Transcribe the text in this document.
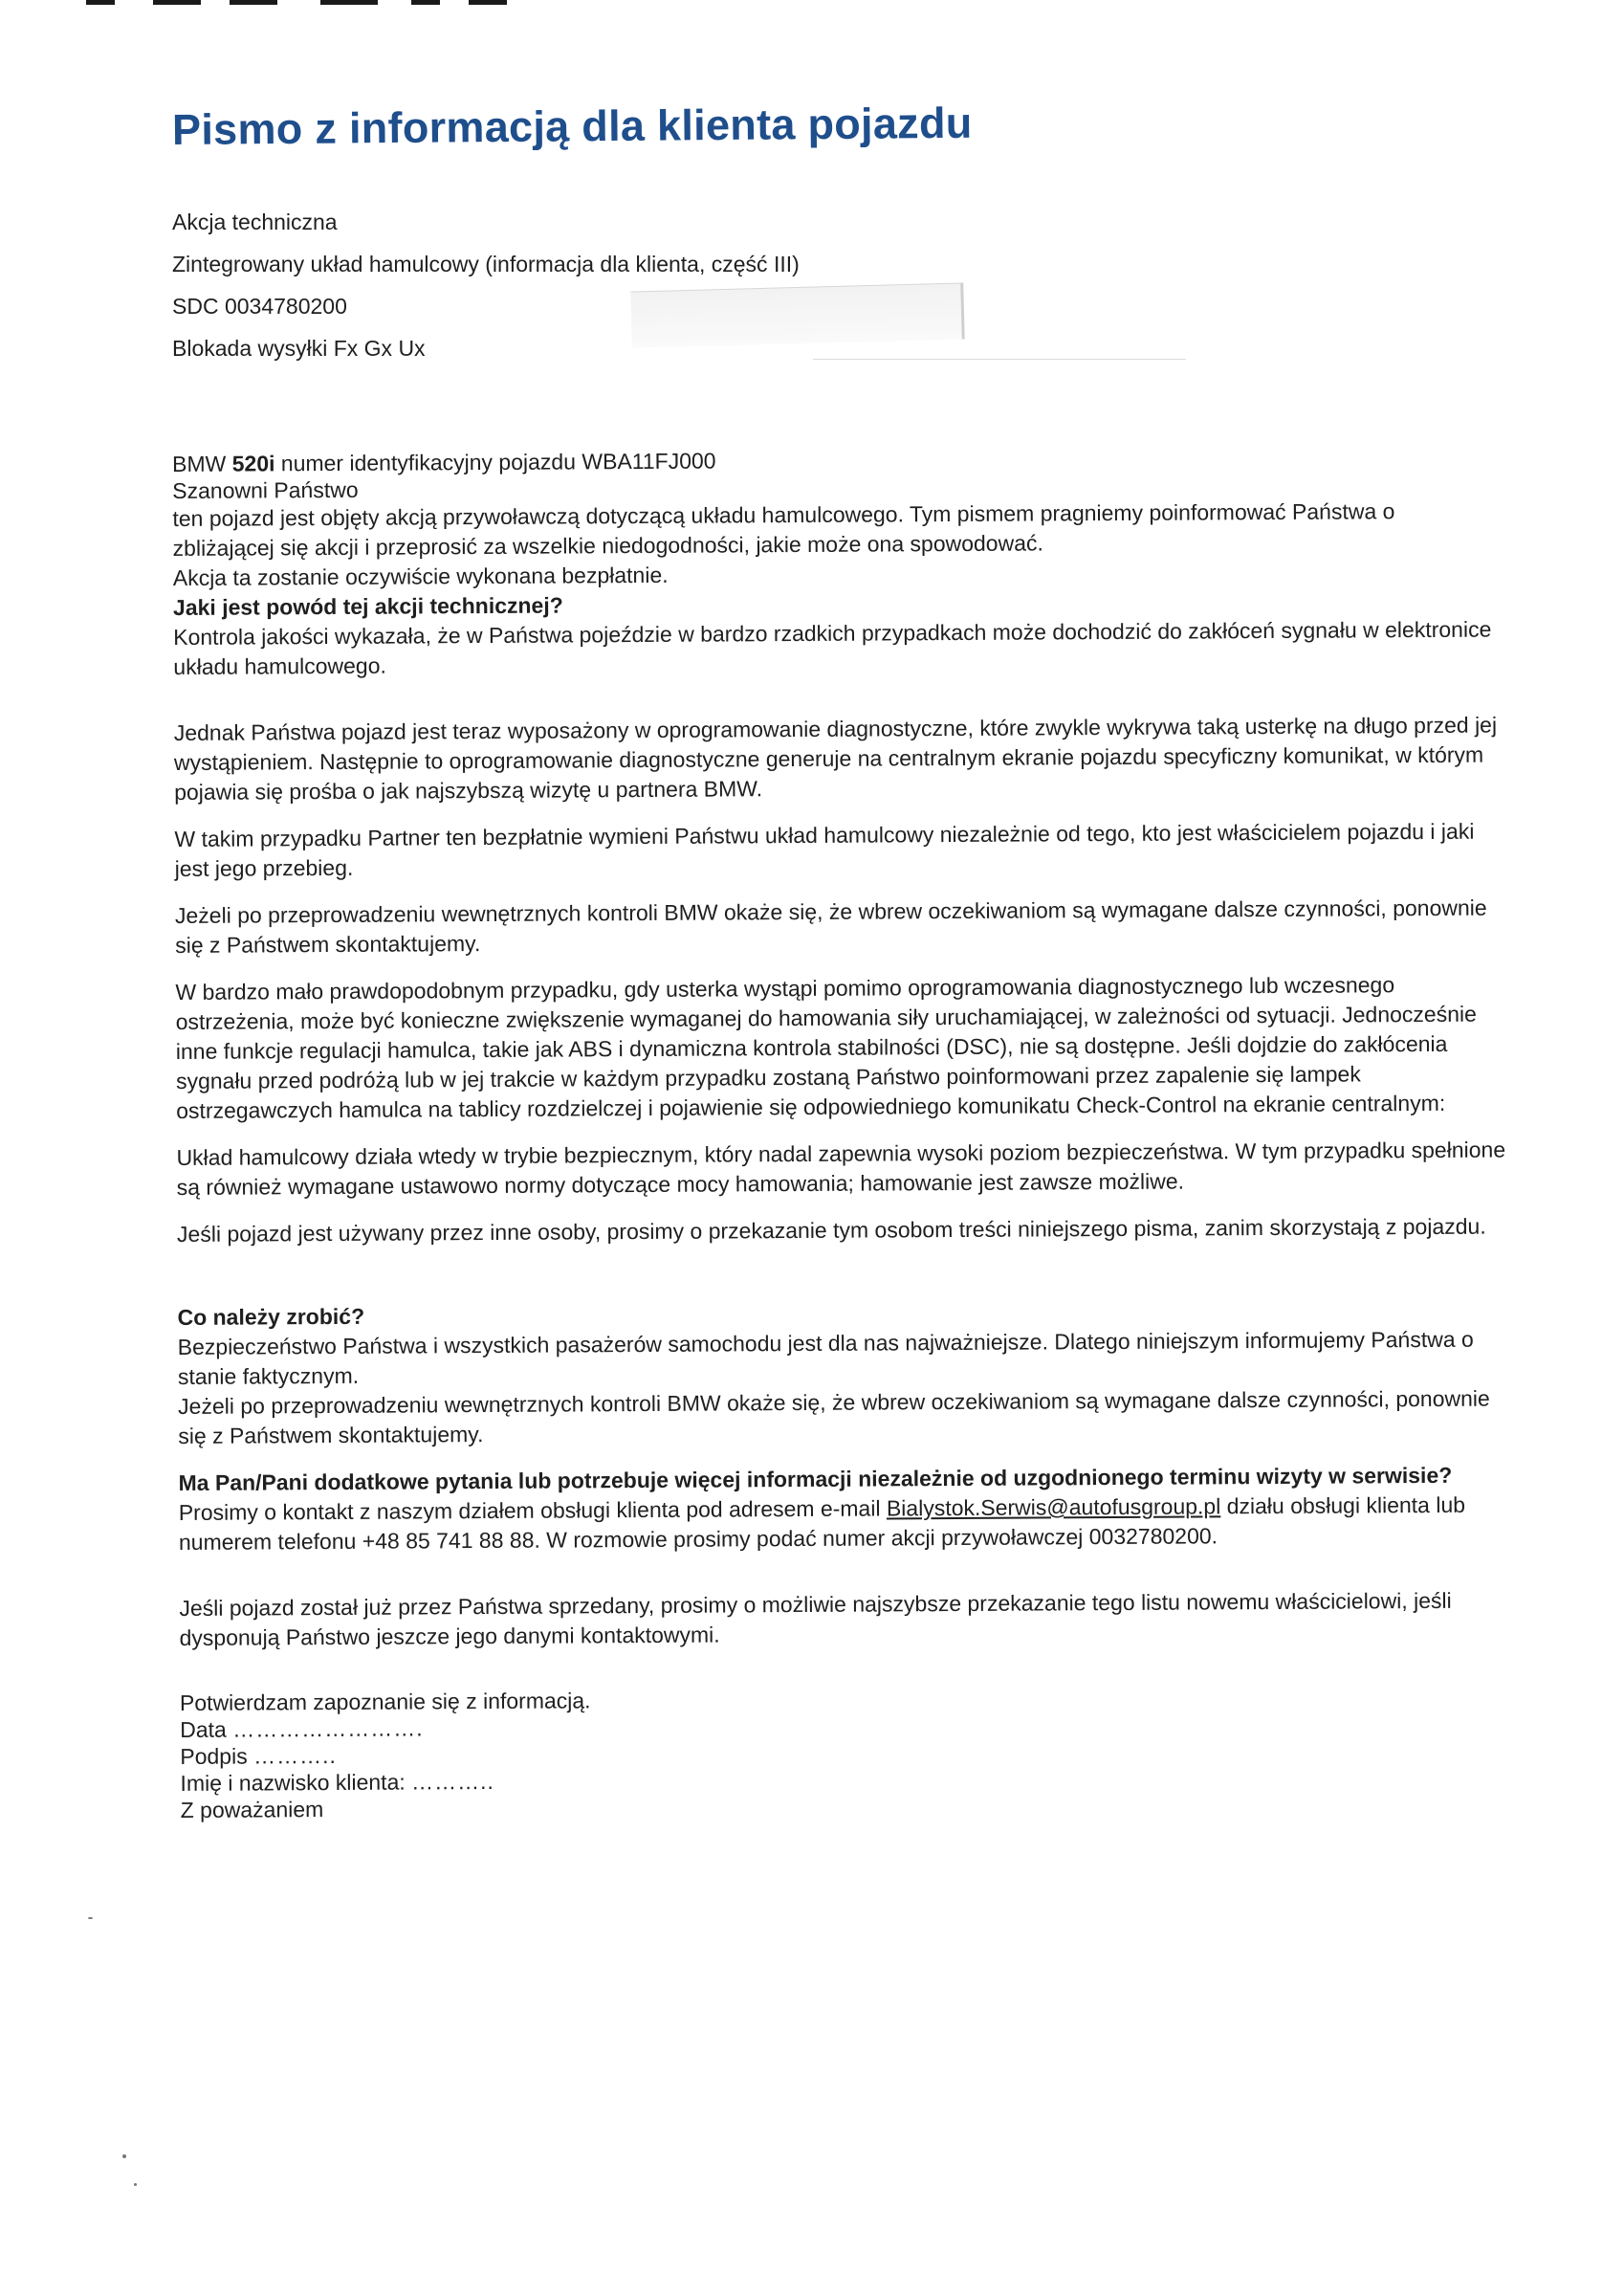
Pismo z informacją dla klienta pojazdu
Akcja techniczna
Zintegrowany układ hamulcowy (informacja dla klienta, część III)
SDC 0034780200
Blokada wysyłki Fx Gx Ux
BMW 520i numer identyfikacyjny pojazdu WBA11FJ000
Szanowni Państwo
ten pojazd jest objęty akcją przywoławczą dotyczącą układu hamulcowego. Tym pismem pragniemy poinformować Państwa o zbliżającej się akcji i przeprosić za wszelkie niedogodności, jakie może ona spowodować.
Akcja ta zostanie oczywiście wykonana bezpłatnie.
Jaki jest powód tej akcji technicznej?
Kontrola jakości wykazała, że w Państwa pojeździe w bardzo rzadkich przypadkach może dochodzić do zakłóceń sygnału w elektronice układu hamulcowego.
Jednak Państwa pojazd jest teraz wyposażony w oprogramowanie diagnostyczne, które zwykle wykrywa taką usterkę na długo przed jej wystąpieniem. Następnie to oprogramowanie diagnostyczne generuje na centralnym ekranie pojazdu specyficzny komunikat, w którym pojawia się prośba o jak najszybszą wizytę u partnera BMW.
W takim przypadku Partner ten bezpłatnie wymieni Państwu układ hamulcowy niezależnie od tego, kto jest właścicielem pojazdu i jaki jest jego przebieg.
Jeżeli po przeprowadzeniu wewnętrznych kontroli BMW okaże się, że wbrew oczekiwaniom są wymagane dalsze czynności, ponownie się z Państwem skontaktujemy.
W bardzo mało prawdopodobnym przypadku, gdy usterka wystąpi pomimo oprogramowania diagnostycznego lub wczesnego ostrzeżenia, może być konieczne zwiększenie wymaganej do hamowania siły uruchamiającej, w zależności od sytuacji. Jednocześnie inne funkcje regulacji hamulca, takie jak ABS i dynamiczna kontrola stabilności (DSC), nie są dostępne. Jeśli dojdzie do zakłócenia sygnału przed podróżą lub w jej trakcie w każdym przypadku zostaną Państwo poinformowani przez zapalenie się lampek ostrzegawczych hamulca na tablicy rozdzielczej i pojawienie się odpowiedniego komunikatu Check-Control na ekranie centralnym:
Układ hamulcowy działa wtedy w trybie bezpiecznym, który nadal zapewnia wysoki poziom bezpieczeństwa. W tym przypadku spełnione są również wymagane ustawowo normy dotyczące mocy hamowania; hamowanie jest zawsze możliwe.
Jeśli pojazd jest używany przez inne osoby, prosimy o przekazanie tym osobom treści niniejszego pisma, zanim skorzystają z pojazdu.
Co należy zrobić?
Bezpieczeństwo Państwa i wszystkich pasażerów samochodu jest dla nas najważniejsze. Dlatego niniejszym informujemy Państwa o stanie faktycznym.
Jeżeli po przeprowadzeniu wewnętrznych kontroli BMW okaże się, że wbrew oczekiwaniom są wymagane dalsze czynności, ponownie się z Państwem skontaktujemy.
Ma Pan/Pani dodatkowe pytania lub potrzebuje więcej informacji niezależnie od uzgodnionego terminu wizyty w serwisie?
Prosimy o kontakt z naszym działem obsługi klienta pod adresem e-mail Bialystok.Serwis@autofusgroup.pl działu obsługi klienta lub numerem telefonu +48 85 741 88 88. W rozmowie prosimy podać numer akcji przywoławczej 0032780200.
Jeśli pojazd został już przez Państwa sprzedany, prosimy o możliwie najszybsze przekazanie tego listu nowemu właścicielowi, jeśli dysponują Państwo jeszcze jego danymi kontaktowymi.
Potwierdzam zapoznanie się z informacją.
Data …………………….
Podpis ………..
Imię i nazwisko klienta: ………..
Z poważaniem
